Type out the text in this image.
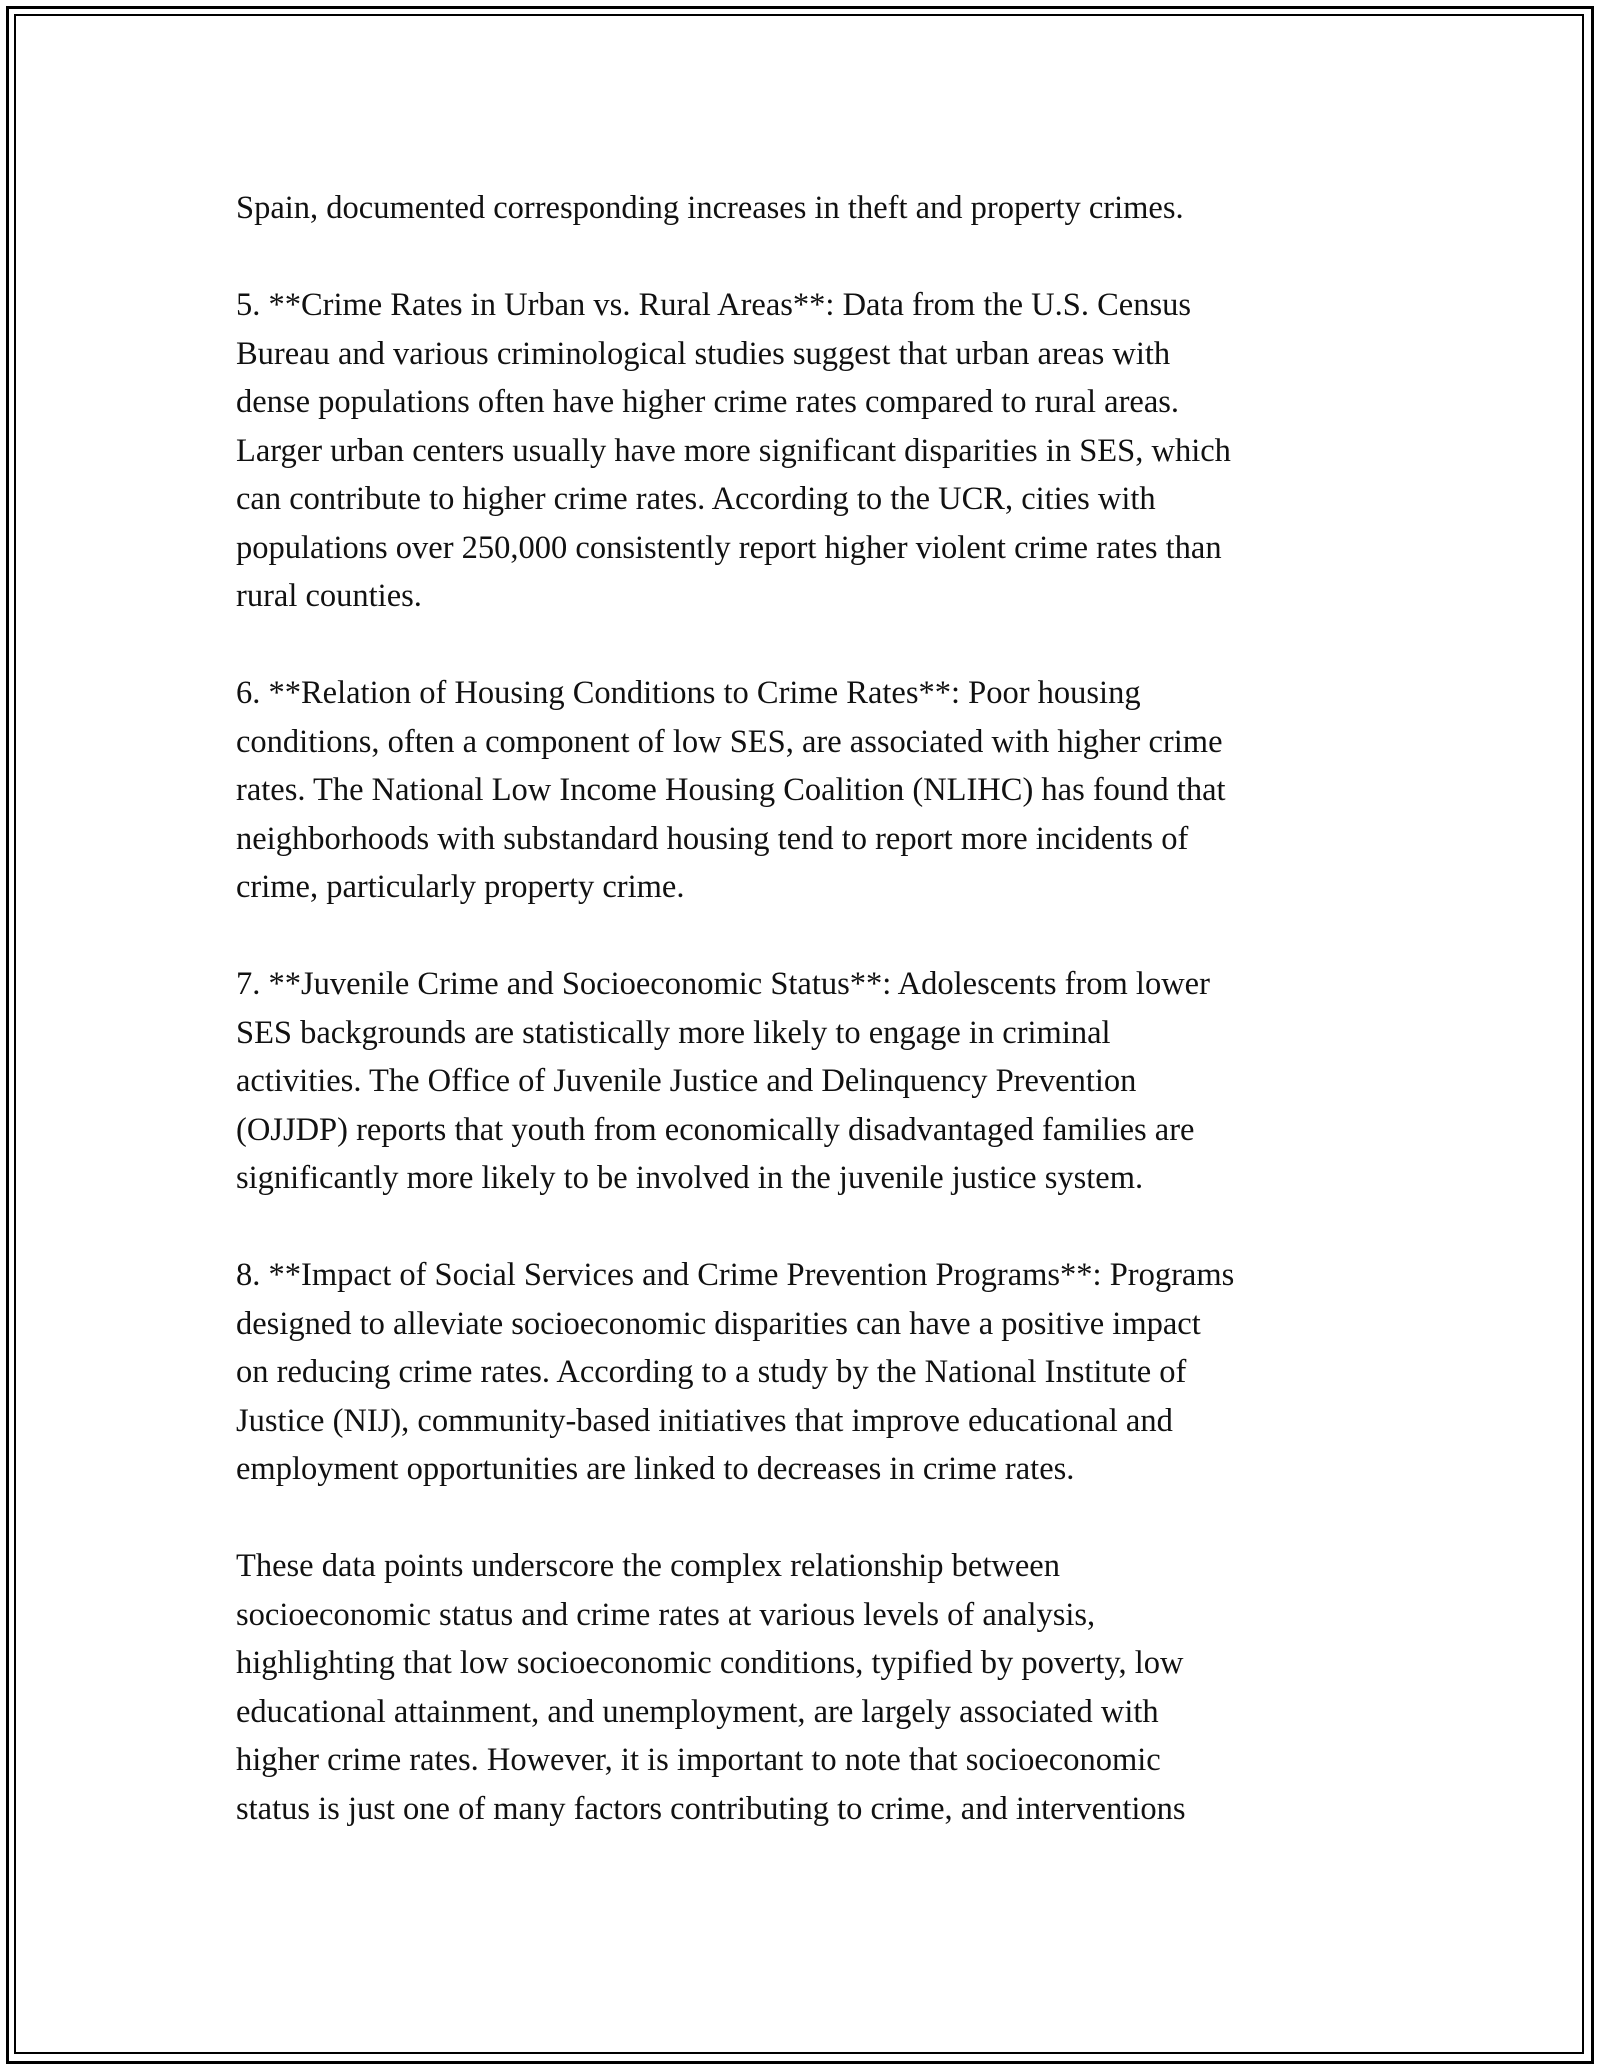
Spain, documented corresponding increases in theft and property crimes.
5. **Crime Rates in Urban vs. Rural Areas**: Data from the U.S. Census
Bureau and various criminological studies suggest that urban areas with
dense populations often have higher crime rates compared to rural areas.
Larger urban centers usually have more significant disparities in SES, which
can contribute to higher crime rates. According to the UCR, cities with
populations over 250,000 consistently report higher violent crime rates than
rural counties.
6. **Relation of Housing Conditions to Crime Rates**: Poor housing
conditions, often a component of low SES, are associated with higher crime
rates. The National Low Income Housing Coalition (NLIHC) has found that
neighborhoods with substandard housing tend to report more incidents of
crime, particularly property crime.
7. **Juvenile Crime and Socioeconomic Status**: Adolescents from lower
SES backgrounds are statistically more likely to engage in criminal
activities. The Office of Juvenile Justice and Delinquency Prevention
(OJJDP) reports that youth from economically disadvantaged families are
significantly more likely to be involved in the juvenile justice system.
8. **Impact of Social Services and Crime Prevention Programs**: Programs
designed to alleviate socioeconomic disparities can have a positive impact
on reducing crime rates. According to a study by the National Institute of
Justice (NIJ), community-based initiatives that improve educational and
employment opportunities are linked to decreases in crime rates.
These data points underscore the complex relationship between
socioeconomic status and crime rates at various levels of analysis,
highlighting that low socioeconomic conditions, typified by poverty, low
educational attainment, and unemployment, are largely associated with
higher crime rates. However, it is important to note that socioeconomic
status is just one of many factors contributing to crime, and interventions
